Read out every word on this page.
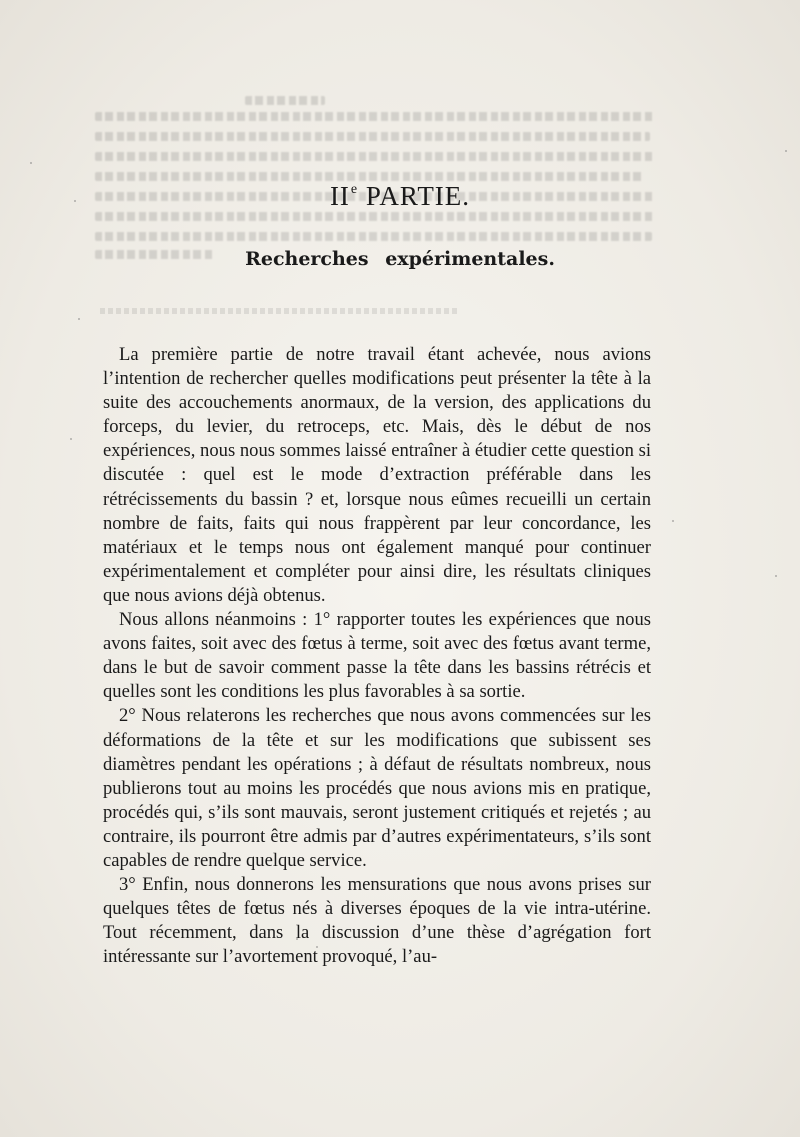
IIe PARTIE.
Recherches expérimentales.

La première partie de notre travail étant achevée, nous avions l’intention de rechercher quelles modifications peut présenter la tête à la suite des accouchements anormaux, de la version, des applications du forceps, du levier, du retroceps, etc. Mais, dès le début de nos expériences, nous nous sommes laissé entraîner à étudier cette question si discutée : quel est le mode d’extraction préférable dans les rétrécissements du bassin ? et, lorsque nous eûmes recueilli un certain nombre de faits, faits qui nous frappèrent par leur concordance, les matériaux et le temps nous ont également manqué pour continuer expérimentalement et compléter pour ainsi dire, les résultats cliniques que nous avions déjà obtenus.

Nous allons néanmoins : 1° rapporter toutes les expériences que nous avons faites, soit avec des fœtus à terme, soit avec des fœtus avant terme, dans le but de savoir comment passe la tête dans les bassins rétrécis et quelles sont les conditions les plus favorables à sa sortie.

2° Nous relaterons les recherches que nous avons commencées sur les déformations de la tête et sur les modifications que subissent ses diamètres pendant les opérations ; à défaut de résultats nombreux, nous publierons tout au moins les procédés que nous avions mis en pratique, procédés qui, s’ils sont mauvais, seront justement critiqués et rejetés ; au contraire, ils pourront être admis par d’autres expérimentateurs, s’ils sont capables de rendre quelque service.

3° Enfin, nous donnerons les mensurations que nous avons prises sur quelques têtes de fœtus nés à diverses époques de la vie intra-utérine. Tout récemment, dans la discussion d’une thèse d’agrégation fort intéressante sur l’avortement provoqué, l’au-
